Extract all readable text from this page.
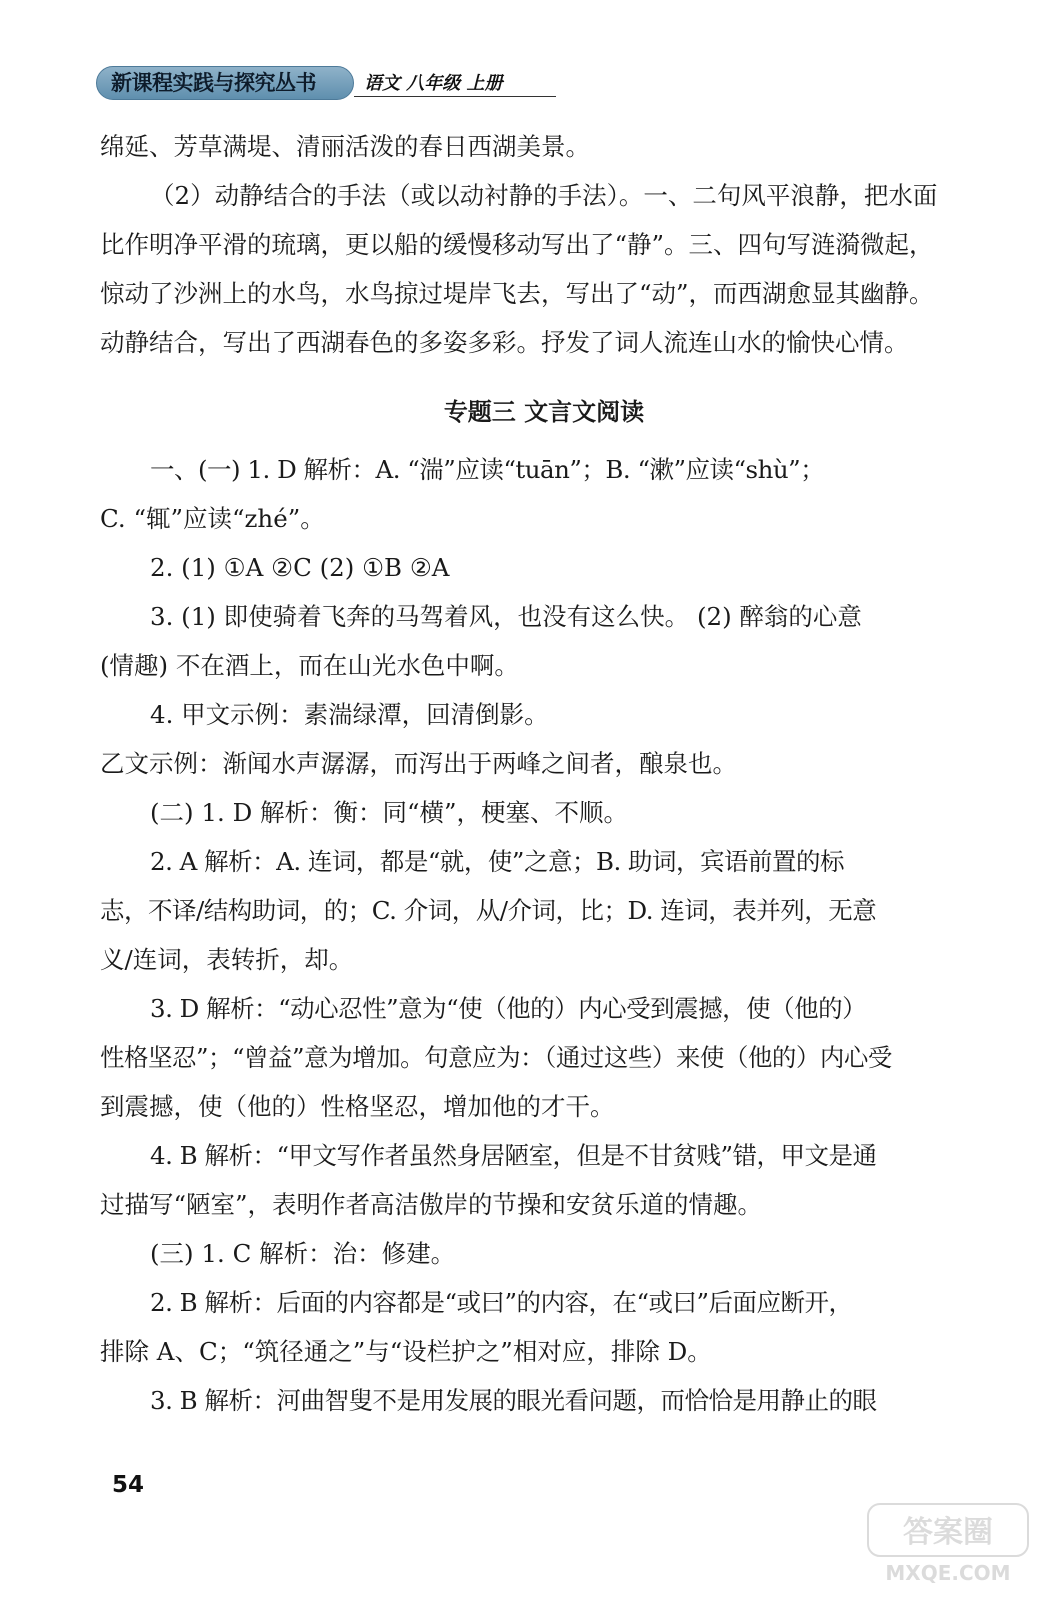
新课程实践与探究丛书	语文 八年级 上册

绵延、芳草满堤、清丽活泼的春日西湖美景。

（2）动静结合的手法（或以动衬静的手法）。一、二句风平浪静，把水面

比作明净平滑的琉璃，更以船的缓慢移动写出了“静”。三、四句写涟漪微起，

惊动了沙洲上的水鸟，水鸟掠过堤岸飞去，写出了“动”，而西湖愈显其幽静。

动静结合，写出了西湖春色的多姿多彩。抒发了词人流连山水的愉快心情。

专题三 文言文阅读

一、(一) 1. D 解析：A. “湍”应读“tuān”；B. “漱”应读“shù”；

C. “辄”应读“zhé”。

2. (1) ①A ②C (2) ①B ②A

3. (1) 即使骑着飞奔的马驾着风，也没有这么快。 (2) 醉翁的心意

(情趣) 不在酒上，而在山光水色中啊。

4. 甲文示例：素湍绿潭，回清倒影。

乙文示例：渐闻水声潺潺，而泻出于两峰之间者，酿泉也。

(二) 1. D 解析：衡：同“横”，梗塞、不顺。

2. A 解析：A. 连词，都是“就，使”之意；B. 助词，宾语前置的标

志，不译/结构助词，的；C. 介词，从/介词，比；D. 连词，表并列，无意

义/连词，表转折，却。

3. D 解析：“动心忍性”意为“使（他的）内心受到震撼，使（他的）

性格坚忍”；“曾益”意为增加。句意应为：（通过这些）来使（他的）内心受

到震撼，使（他的）性格坚忍，增加他的才干。

4. B 解析：“甲文写作者虽然身居陋室，但是不甘贫贱”错，甲文是通

过描写“陋室”，表明作者高洁傲岸的节操和安贫乐道的情趣。

(三) 1. C 解析：治：修建。

2. B 解析：后面的内容都是“或曰”的内容，在“或曰”后面应断开，

排除 A、C；“筑径通之”与“设栏护之”相对应，排除 D。

3. B 解析：河曲智叟不是用发展的眼光看问题，而恰恰是用静止的眼

54
答案圈
MXQE.COM
